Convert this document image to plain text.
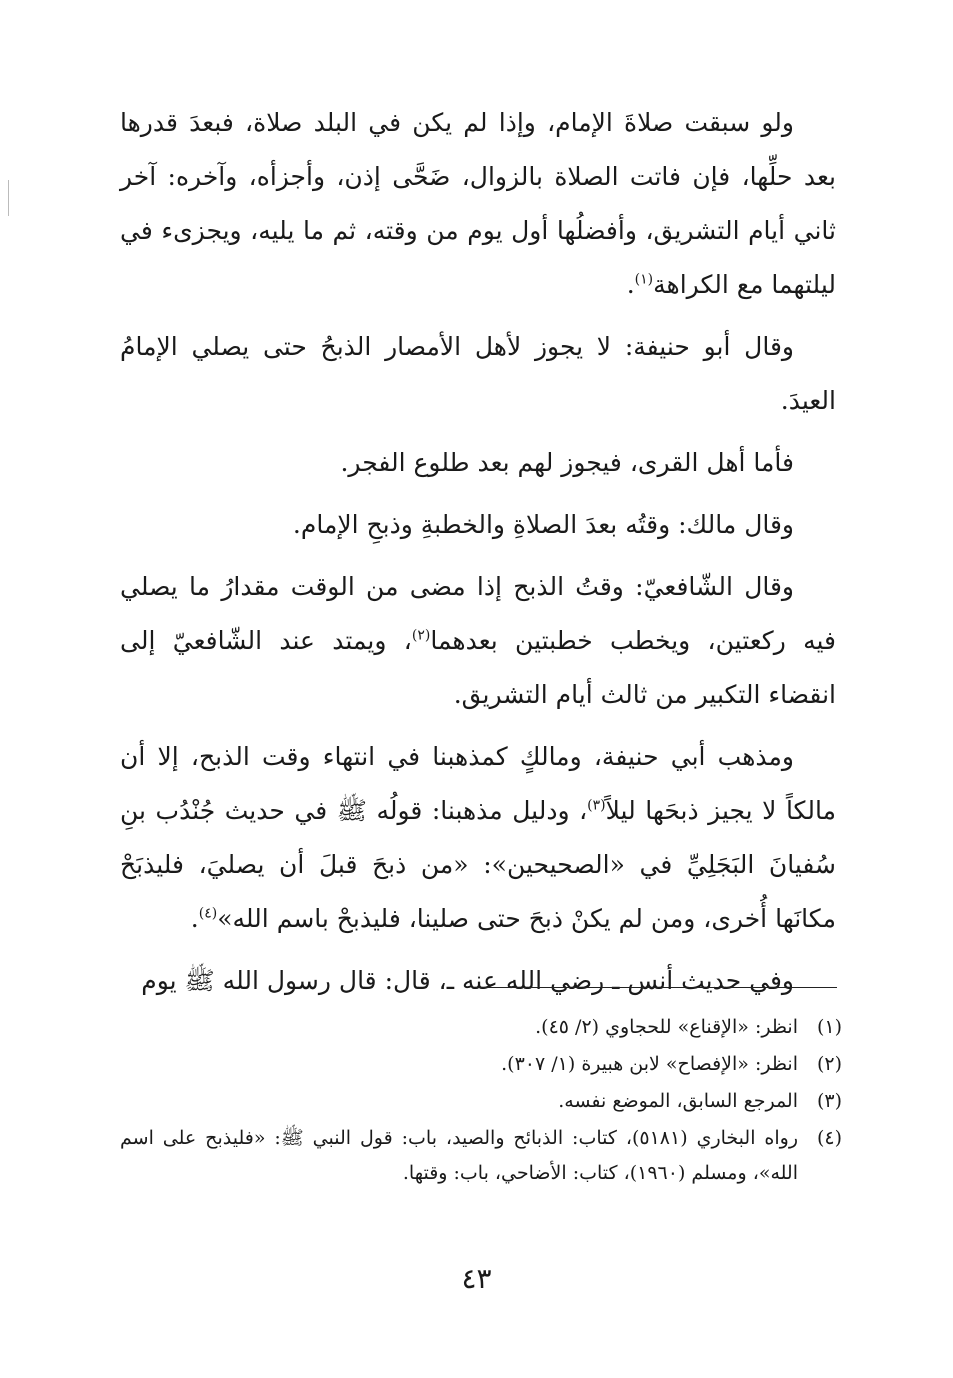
ولو سبقت صلاةَ الإمام، وإذا لم يكن في البلد صلاة، فبعدَ قدرها بعد حلِّها، فإن فاتت الصلاة بالزوال، ضَحَّى إذن، وأجزأه، وآخره: آخر ثاني أيام التشريق، وأفضلُها أول يوم من وقته، ثم ما يليه، ويجزىء في ليلتهما مع الكراهة$^{(١)}$.

وقال أبو حنيفة: لا يجوز لأهل الأمصار الذبحُ حتى يصلي الإمامُ العيدَ.

فأما أهل القرى، فيجوز لهم بعد طلوع الفجر.

وقال مالك: وقتُه بعدَ الصلاةِ والخطبةِ وذبحِ الإمام.

وقال الشّافعيّ: وقتُ الذبح إذا مضى من الوقت مقدارُ ما يصلي فيه ركعتين، ويخطب خطبتين بعدهما$^{(٢)}$، ويمتد عند الشّافعيّ إلى انقضاء التكبير من ثالث أيام التشريق.

ومذهب أبي حنيفة، ومالكٍ كمذهبنا في انتهاء وقت الذبح، إلا أن مالكاً لا يجيز ذبحَها ليلاً$^{(٣)}$، ودليل مذهبنا: قولُه ﷺ في حديث جُنْدُب بنِ سُفيانَ البَجَلِيِّ في «الصحيحين»: «من ذبحَ قبلَ أن يصليَ، فليذبَحْ مكانَها أُخرى، ومن لم يكنْ ذبحَ حتى صلينا، فليذبحْ باسم الله»$^{(٤)}$.

وفي حديث أنس ـ رضي الله عنه ـ، قال: قال رسول الله ﷺ يوم

(١)
انظر: «الإقناع» للحجاوي (٢/ ٤٥).
(٢)
انظر: «الإفصاح» لابن هبيرة (١/ ٣٠٧).
(٣)
المرجع السابق، الموضع نفسه.
(٤)
رواه البخاري (٥١٨١)، كتاب: الذبائح والصيد، باب: قول النبي ﷺ: «فليذبح على اسم الله»، ومسلم (١٩٦٠)، كتاب: الأضاحي، باب: وقتها.
٤٣
